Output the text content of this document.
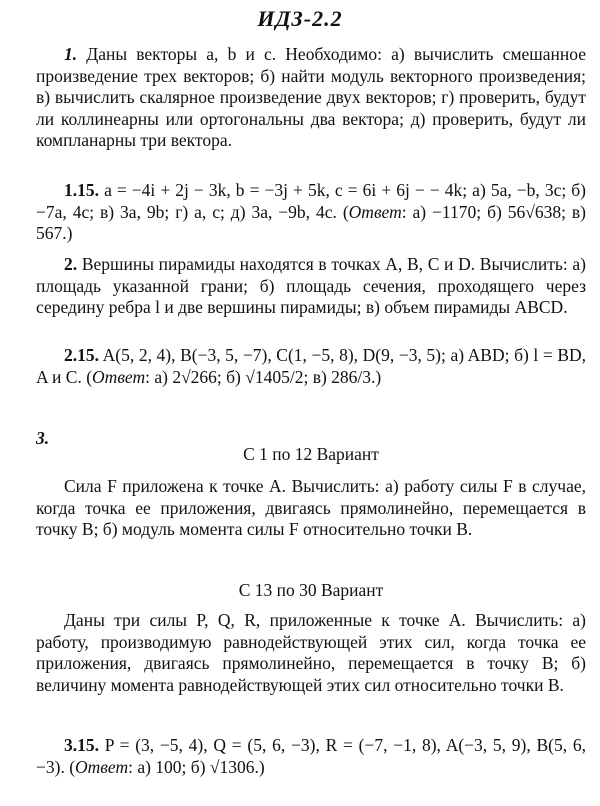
ИДЗ-2.2
1. Даны векторы a, b и c. Необходимо: а) вычислить смешанное произведение трех векторов; б) найти модуль векторного произведения; в) вычислить скалярное произведение двух векторов; г) проверить, будут ли коллинеарны или ортогональны два вектора; д) проверить, будут ли компланарны три вектора.
1.15. a = −4i + 2j − 3k, b = −3j + 5k, c = 6i + 6j − − 4k; а) 5a, −b, 3c; б) −7a, 4c; в) 3a, 9b; г) a, c; д) 3a, −9b, 4c. (Ответ: а) −1170; б) 56√638; в) 567.)
2. Вершины пирамиды находятся в точках A, B, C и D. Вычислить: а) площадь указанной грани; б) площадь сечения, проходящего через середину ребра l и две вершины пирамиды; в) объем пирамиды ABCD.
2.15. A(5, 2, 4), B(−3, 5, −7), C(1, −5, 8), D(9, −3, 5); а) ABD; б) l = BD, A и C. (Ответ: а) 2√266; б) √1405/2; в) 286/3.)
3.
С 1 по 12 Вариант
Сила F приложена к точке A. Вычислить: а) работу силы F в случае, когда точка ее приложения, двигаясь прямолинейно, перемещается в точку B; б) модуль момента силы F относительно точки B.
С 13 по 30 Вариант
Даны три силы P, Q, R, приложенные к точке A. Вычислить: а) работу, производимую равнодействующей этих сил, когда точка ее приложения, двигаясь прямолинейно, перемещается в точку B; б) величину момента равнодействующей этих сил относительно точки B.
3.15. P = (3, −5, 4), Q = (5, 6, −3), R = (−7, −1, 8), A(−3, 5, 9), B(5, 6, −3). (Ответ: а) 100; б) √1306.)
